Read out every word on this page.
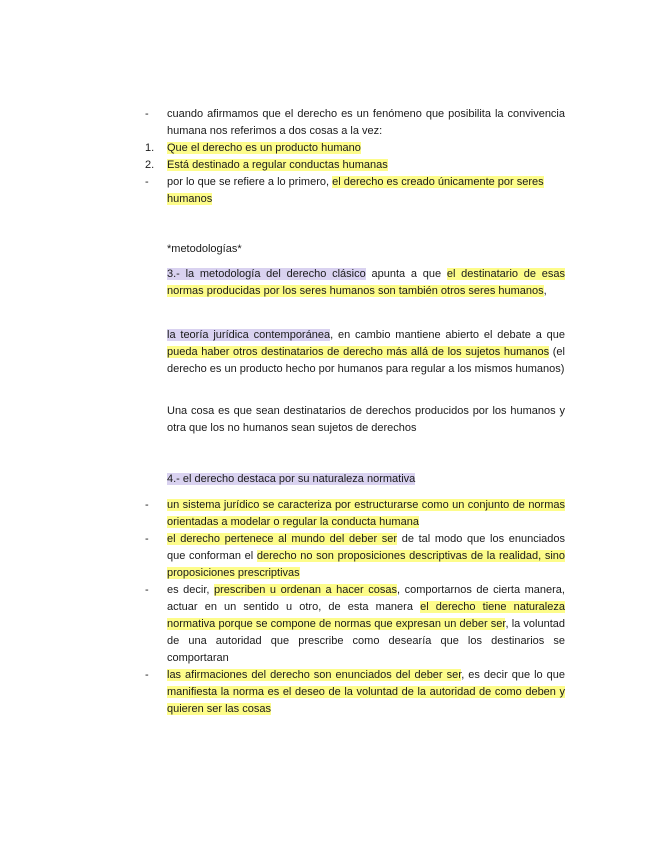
-	cuando afirmamos que el derecho es un fenómeno que posibilita la convivencia humana nos referimos a dos cosas a la vez:

1.	Que el derecho es un producto humano

2.	Está destinado a regular conductas humanas

-	por lo que se refiere a lo primero, el derecho es creado únicamente por seres humanos

*metodologías*

3.- la metodología del derecho clásico apunta a que el destinatario de esas normas producidas por los seres humanos son también otros seres humanos,

la teoría jurídica contemporánea, en cambio mantiene abierto el debate a que pueda haber otros destinatarios de derecho más allá de los sujetos humanos (el derecho es un producto hecho por humanos para regular a los mismos humanos)

Una cosa es que sean destinatarios de derechos producidos por los humanos y otra que los no humanos sean sujetos de derechos

4.- el derecho destaca por su naturaleza normativa

-	un sistema jurídico se caracteriza por estructurarse como un conjunto de normas orientadas a modelar o regular la conducta humana

-	el derecho pertenece al mundo del deber ser de tal modo que los enunciados que conforman el derecho no son proposiciones descriptivas de la realidad, sino proposiciones prescriptivas

-	es decir, prescriben u ordenan a hacer cosas, comportarnos de cierta manera, actuar en un sentido u otro, de esta manera el derecho tiene naturaleza normativa porque se compone de normas que expresan un deber ser, la voluntad de una autoridad que prescribe como desearía que los destinarios se comportaran

-	las afirmaciones del derecho son enunciados del deber ser, es decir que lo que manifiesta la norma es el deseo de la voluntad de la autoridad de como deben y quieren ser las cosas
